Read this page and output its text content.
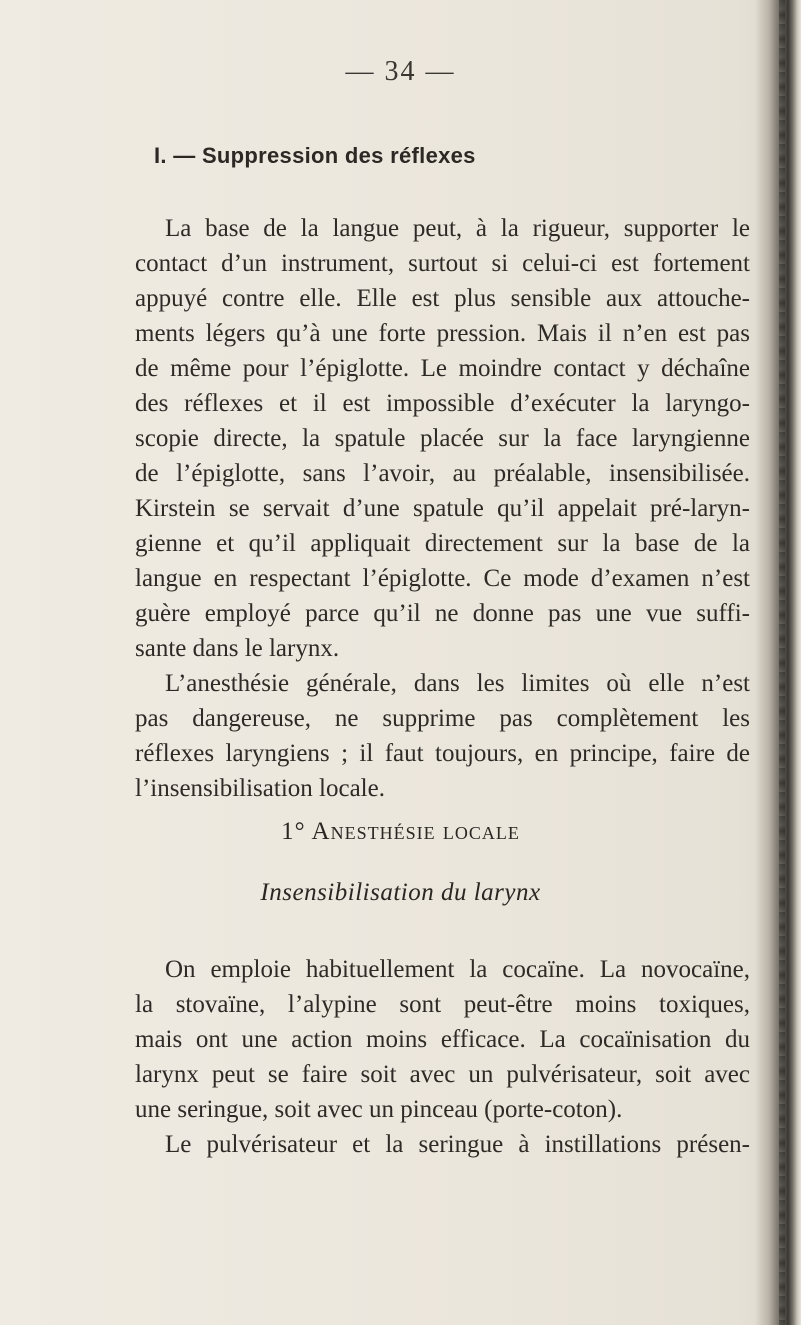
— 34 —
I. — Suppression des réflexes
La base de la langue peut, à la rigueur, supporter le
contact d’un instrument, surtout si celui-ci est fortement
appuyé contre elle. Elle est plus sensible aux attouche-
ments légers qu’à une forte pression. Mais il n’en est pas
de même pour l’épiglotte. Le moindre contact y déchaîne
des réflexes et il est impossible d’exécuter la laryngo-
scopie directe, la spatule placée sur la face laryngienne
de l’épiglotte, sans l’avoir, au préalable, insensibilisée.
Kirstein se servait d’une spatule qu’il appelait pré-laryn-
gienne et qu’il appliquait directement sur la base de la
langue en respectant l’épiglotte. Ce mode d’examen n’est
guère employé parce qu’il ne donne pas une vue suffi-
sante dans le larynx.
L’anesthésie générale, dans les limites où elle n’est
pas dangereuse, ne supprime pas complètement les
réflexes laryngiens ; il faut toujours, en principe, faire de
l’insensibilisation locale.
1° Anesthésie locale
Insensibilisation du larynx
On emploie habituellement la cocaïne. La novocaïne,
la stovaïne, l’alypine sont peut-être moins toxiques,
mais ont une action moins efficace. La cocaïnisation du
larynx peut se faire soit avec un pulvérisateur, soit avec
une seringue, soit avec un pinceau (porte-coton).
Le pulvérisateur et la seringue à instillations présen-
